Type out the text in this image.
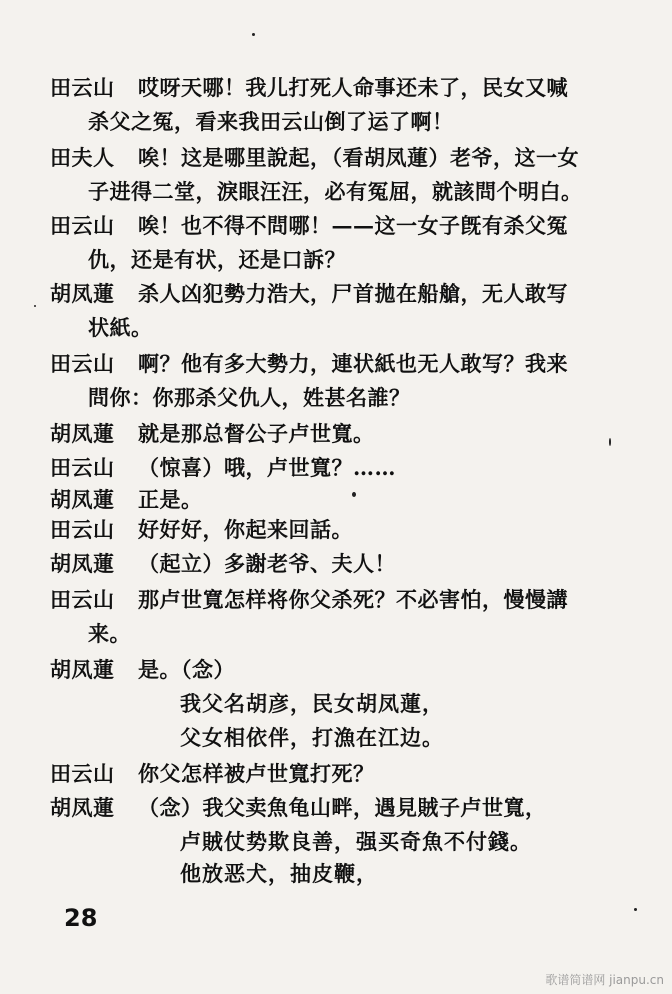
田云山 哎呀天哪！我儿打死人命事还未了，民女又喊
杀父之冤，看来我田云山倒了运了啊！
田夫人 唉！这是哪里說起，（看胡凤蓮）老爷，这一女
子进得二堂，淚眼汪汪，必有冤屈，就該問个明白。
田云山 唉！也不得不問哪！——这一女子旣有杀父冤
仇，还是有状，还是口訴？
胡凤蓮 杀人凶犯勢力浩大，尸首拋在船艙，无人敢写
状紙。
田云山 啊？他有多大勢力，連状紙也无人敢写？我来
問你：你那杀父仇人，姓甚名誰？
胡凤蓮 就是那总督公子卢世寬。
田云山 （惊喜）哦，卢世寬？……
胡凤蓮 正是。
田云山 好好好，你起来回話。
胡凤蓮 （起立）多謝老爷、夫人！
田云山 那卢世寬怎样将你父杀死？不必害怕，慢慢講
来。
胡凤蓮 是。（念）
我父名胡彦，民女胡凤蓮，
父女相依伴，打漁在江边。
田云山 你父怎样被卢世寬打死？
胡凤蓮 （念）我父卖魚龟山畔，遇見賊子卢世寬，
卢賊仗势欺良善，强买奇魚不付錢。
他放恶犬，抽皮鞭，
28
歌谱简谱网 jianpu.cn
